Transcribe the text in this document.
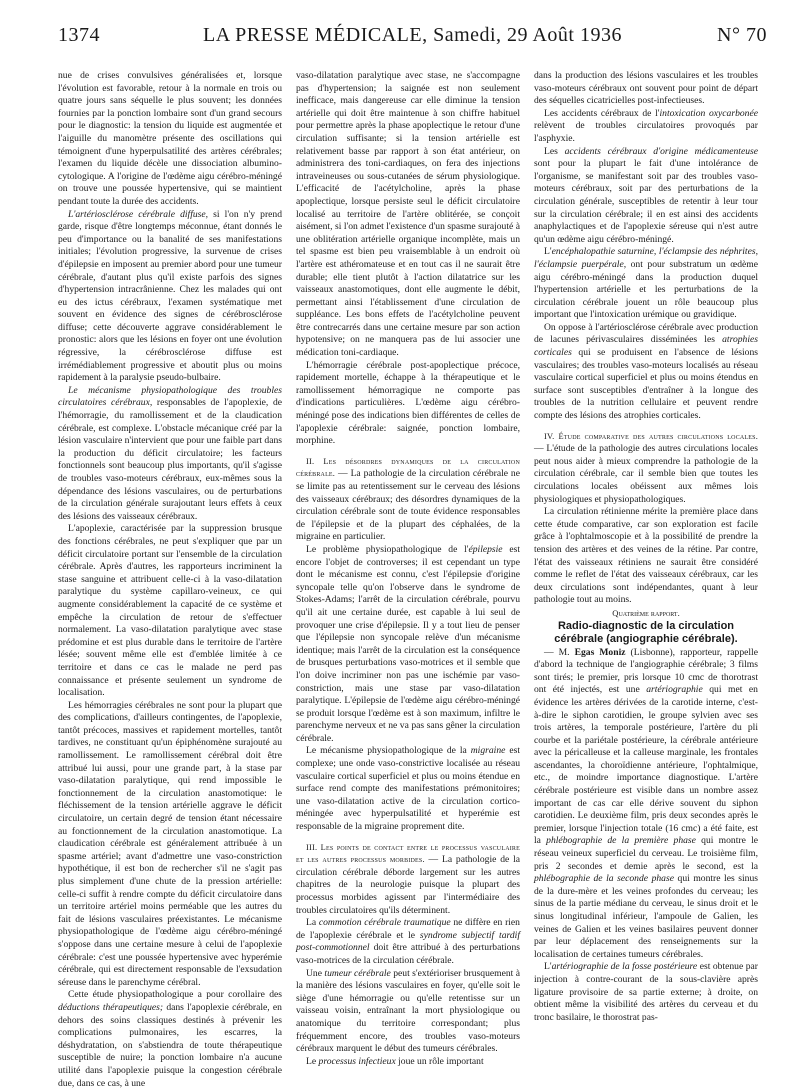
1374	LA PRESSE MÉDICALE, Samedi, 29 Août 1936	N° 70

nue de crises convulsives généralisées et, lorsque l'évolution est favorable, retour à la normale en trois ou quatre jours sans séquelle le plus souvent; les données fournies par la ponction lombaire sont d'un grand secours pour le diagnostic: la tension du liquide est augmentée et l'aiguille du manomètre présente des oscillations qui témoignent d'une hyperpulsatilité des artères cérébrales; l'examen du liquide décèle une dissociation albumino-cytologique. A l'origine de l'œdème aigu cérébro-méningé on trouve une poussée hypertensive, qui se maintient pendant toute la durée des accidents.

L'artériosclérose cérébrale diffuse, si l'on n'y prend garde, risque d'être longtemps méconnue, étant donnés le peu d'importance ou la banalité de ses manifestations initiales; l'évolution progressive, la survenue de crises d'épilepsie en imposent au premier abord pour une tumeur cérébrale, d'autant plus qu'il existe parfois des signes d'hypertension intracrânienne. Chez les malades qui ont eu des ictus cérébraux, l'examen systématique met souvent en évidence des signes de cérébrosclérose diffuse; cette découverte aggrave considérablement le pronostic: alors que les lésions en foyer ont une évolution régressive, la cérébrosclérose diffuse est irrémédiablement progressive et aboutit plus ou moins rapidement à la paralysie pseudo-bulbaire.

Le mécanisme physiopathologique des troubles circulatoires cérébraux, responsables de l'apoplexie, de l'hémorragie, du ramollissement et de la claudication cérébrale, est complexe. L'obstacle mécanique créé par la lésion vasculaire n'intervient que pour une faible part dans la production du déficit circulatoire; les facteurs fonctionnels sont beaucoup plus importants, qu'il s'agisse de troubles vaso-moteurs cérébraux, eux-mêmes sous la dépendance des lésions vasculaires, ou de perturbations de la circulation générale surajoutant leurs effets à ceux des lésions des vaisseaux cérébraux.

L'apoplexie, caractérisée par la suppression brusque des fonctions cérébrales, ne peut s'expliquer que par un déficit circulatoire portant sur l'ensemble de la circulation cérébrale. Après d'autres, les rapporteurs incriminent la stase sanguine et attribuent celle-ci à la vaso-dilatation paralytique du système capillaro-veineux, ce qui augmente considérablement la capacité de ce système et empêche la circulation de retour de s'effectuer normalement. La vaso-dilatation paralytique avec stase prédomine et est plus durable dans le territoire de l'artère lésée; souvent même elle est d'emblée limitée à ce territoire et dans ce cas le malade ne perd pas connaissance et présente seulement un syndrome de localisation.

Les hémorragies cérébrales ne sont pour la plupart que des complications, d'ailleurs contingentes, de l'apoplexie, tantôt précoces, massives et rapidement mortelles, tantôt tardives, ne constituant qu'un épiphénomène surajouté au ramollissement. Le ramollissement cérébral doit être attribué lui aussi, pour une grande part, à la stase par vaso-dilatation paralytique, qui rend impossible le fonctionnement de la circulation anastomotique: le fléchissement de la tension artérielle aggrave le déficit circulatoire, un certain degré de tension étant nécessaire au fonctionnement de la circulation anastomotique. La claudication cérébrale est généralement attribuée à un spasme artériel; avant d'admettre une vaso-constriction hypothétique, il est bon de rechercher s'il ne s'agit pas plus simplement d'une chute de la pression artérielle: celle-ci suffit à rendre compte du déficit circulatoire dans un territoire artériel moins perméable que les autres du fait de lésions vasculaires préexistantes. Le mécanisme physiopathologique de l'œdème aigu cérébro-méningé s'oppose dans une certaine mesure à celui de l'apoplexie cérébrale: c'est une poussée hypertensive avec hyperémie cérébrale, qui est directement responsable de l'exsudation séreuse dans le parenchyme cérébral.

Cette étude physiopathologique a pour corollaire des déductions thérapeutiques; dans l'apoplexie cérébrale, en dehors des soins classiques destinés à prévenir les complications pulmonaires, les escarres, la déshydratation, on s'abstiendra de toute thérapeutique susceptible de nuire; la ponction lombaire n'a aucune utilité dans l'apoplexie puisque la congestion cérébrale due, dans ce cas, à une

vaso-dilatation paralytique avec stase, ne s'accompagne pas d'hypertension; la saignée est non seulement inefficace, mais dangereuse car elle diminue la tension artérielle qui doit être maintenue à son chiffre habituel pour permettre après la phase apoplectique le retour d'une circulation suffisante; si la tension artérielle est relativement basse par rapport à son état antérieur, on administrera des toni-cardiaques, on fera des injections intraveineuses ou sous-cutanées de sérum physiologique. L'efficacité de l'acétylcholine, après la phase apoplectique, lorsque persiste seul le déficit circulatoire localisé au territoire de l'artère oblitérée, se conçoit aisément, si l'on admet l'existence d'un spasme surajouté à une oblitération artérielle organique incomplète, mais un tel spasme est bien peu vraisemblable à un endroit où l'artère est athéromateuse et en tout cas il ne saurait être durable; elle tient plutôt à l'action dilatatrice sur les vaisseaux anastomotiques, dont elle augmente le débit, permettant ainsi l'établissement d'une circulation de suppléance. Les bons effets de l'acétylcholine peuvent être contrecarrés dans une certaine mesure par son action hypotensive; on ne manquera pas de lui associer une médication toni-cardiaque.

L'hémorragie cérébrale post-apoplectique précoce, rapidement mortelle, échappe à la thérapeutique et le ramollissement hémorragique ne comporte pas d'indications particulières. L'œdème aigu cérébro-méningé pose des indications bien différentes de celles de l'apoplexie cérébrale: saignée, ponction lombaire, morphine.

II. Les désordres dynamiques de la circulation cérébrale. — La pathologie de la circulation cérébrale ne se limite pas au retentissement sur le cerveau des lésions des vaisseaux cérébraux; des désordres dynamiques de la circulation cérébrale sont de toute évidence responsables de l'épilepsie et de la plupart des céphalées, de la migraine en particulier.

Le problème physiopathologique de l'épilepsie est encore l'objet de controverses; il est cependant un type dont le mécanisme est connu, c'est l'épilepsie d'origine syncopale telle qu'on l'observe dans le syndrome de Stokes-Adams; l'arrêt de la circulation cérébrale, pourvu qu'il ait une certaine durée, est capable à lui seul de provoquer une crise d'épilepsie. Il y a tout lieu de penser que l'épilepsie non syncopale relève d'un mécanisme identique; mais l'arrêt de la circulation est la conséquence de brusques perturbations vaso-motrices et il semble que l'on doive incriminer non pas une ischémie par vaso-constriction, mais une stase par vaso-dilatation paralytique. L'épilepsie de l'œdème aigu cérébro-méningé se produit lorsque l'œdème est à son maximum, infiltre le parenchyme nerveux et ne va pas sans gêner la circulation cérébrale.

Le mécanisme physiopathologique de la migraine est complexe; une onde vaso-constrictive localisée au réseau vasculaire cortical superficiel et plus ou moins étendue en surface rend compte des manifestations prémonitoires; une vaso-dilatation active de la circulation cortico-méningée avec hyperpulsatilité et hyperémie est responsable de la migraine proprement dite.

III. Les points de contact entre le processus vasculaire et les autres processus morbides. — La pathologie de la circulation cérébrale déborde largement sur les autres chapitres de la neurologie puisque la plupart des processus morbides agissent par l'intermédiaire des troubles circulatoires qu'ils déterminent.

La commotion cérébrale traumatique ne diffère en rien de l'apoplexie cérébrale et le syndrome subjectif tardif post-commotionnel doit être attribué à des perturbations vaso-motrices de la circulation cérébrale.

Une tumeur cérébrale peut s'extérioriser brusquement à la manière des lésions vasculaires en foyer, qu'elle soit le siège d'une hémorragie ou qu'elle retentisse sur un vaisseau voisin, entraînant la mort physiologique ou anatomique du territoire correspondant; plus fréquemment encore, des troubles vaso-moteurs cérébraux marquent le début des tumeurs cérébrales.

Le processus infectieux joue un rôle important

dans la production des lésions vasculaires et les troubles vaso-moteurs cérébraux ont souvent pour point de départ des séquelles cicatricielles post-infectieuses.

Les accidents cérébraux de l'intoxication oxycarbonée relèvent de troubles circulatoires provoqués par l'asphyxie.

Les accidents cérébraux d'origine médicamenteuse sont pour la plupart le fait d'une intolérance de l'organisme, se manifestant soit par des troubles vaso-moteurs cérébraux, soit par des perturbations de la circulation générale, susceptibles de retentir à leur tour sur la circulation cérébrale; il en est ainsi des accidents anaphylactiques et de l'apoplexie séreuse qui n'est autre qu'un œdème aigu cérébro-méningé.

L'encéphalopathie saturnine, l'éclampsie des néphrites, l'éclampsie puerpérale, ont pour substratum un œdème aigu cérébro-méningé dans la production duquel l'hypertension artérielle et les perturbations de la circulation cérébrale jouent un rôle beaucoup plus important que l'intoxication urémique ou gravidique.

On oppose à l'artériosclérose cérébrale avec production de lacunes périvasculaires disséminées les atrophies corticales qui se produisent en l'absence de lésions vasculaires; des troubles vaso-moteurs localisés au réseau vasculaire cortical superficiel et plus ou moins étendus en surface sont susceptibles d'entraîner à la longue des troubles de la nutrition cellulaire et peuvent rendre compte des lésions des atrophies corticales.

IV. Étude comparative des autres circulations locales. — L'étude de la pathologie des autres circulations locales peut nous aider à mieux comprendre la pathologie de la circulation cérébrale, car il semble bien que toutes les circulations locales obéissent aux mêmes lois physiologiques et physiopathologiques.

La circulation rétinienne mérite la première place dans cette étude comparative, car son exploration est facile grâce à l'ophtalmoscopie et à la possibilité de prendre la tension des artères et des veines de la rétine. Par contre, l'état des vaisseaux rétiniens ne saurait être considéré comme le reflet de l'état des vaisseaux cérébraux, car les deux circulations sont indépendantes, quant à leur pathologie tout au moins.

Quatrième rapport.

Radio-diagnostic de la circulation cérébrale (angiographie cérébrale).

— M. Egas Moniz (Lisbonne), rapporteur, rappelle d'abord la technique de l'angiographie cérébrale; 3 films sont tirés; le premier, pris lorsque 10 cmc de thorotrast ont été injectés, est une artériographie qui met en évidence les artères dérivées de la carotide interne, c'est-à-dire le siphon carotidien, le groupe sylvien avec ses trois artères, la temporale postérieure, l'artère du pli courbe et la pariétale postérieure, la cérébrale antérieure avec la péricalleuse et la calleuse marginale, les frontales ascendantes, la choroïdienne antérieure, l'ophtalmique, etc., de moindre importance diagnostique. L'artère cérébrale postérieure est visible dans un nombre assez important de cas car elle dérive souvent du siphon carotidien. Le deuxième film, pris deux secondes après le premier, lorsque l'injection totale (16 cmc) a été faite, est la phlébographie de la première phase qui montre le réseau veineux superficiel du cerveau. Le troisième film, pris 2 secondes et demie après le second, est la phlébographie de la seconde phase qui montre les sinus de la dure-mère et les veines profondes du cerveau; les sinus de la partie médiane du cerveau, le sinus droit et le sinus longitudinal inférieur, l'ampoule de Galien, les veines de Galien et les veines basilaires peuvent donner par leur déplacement des renseignements sur la localisation de certaines tumeurs cérébrales.

L'artériographie de la fosse postérieure est obtenue par injection à contre-courant de la sous-clavière après ligature provisoire de sa partie externe; à droite, on obtient même la visibilité des artères du cerveau et du tronc basilaire, le thorostrat pas-
